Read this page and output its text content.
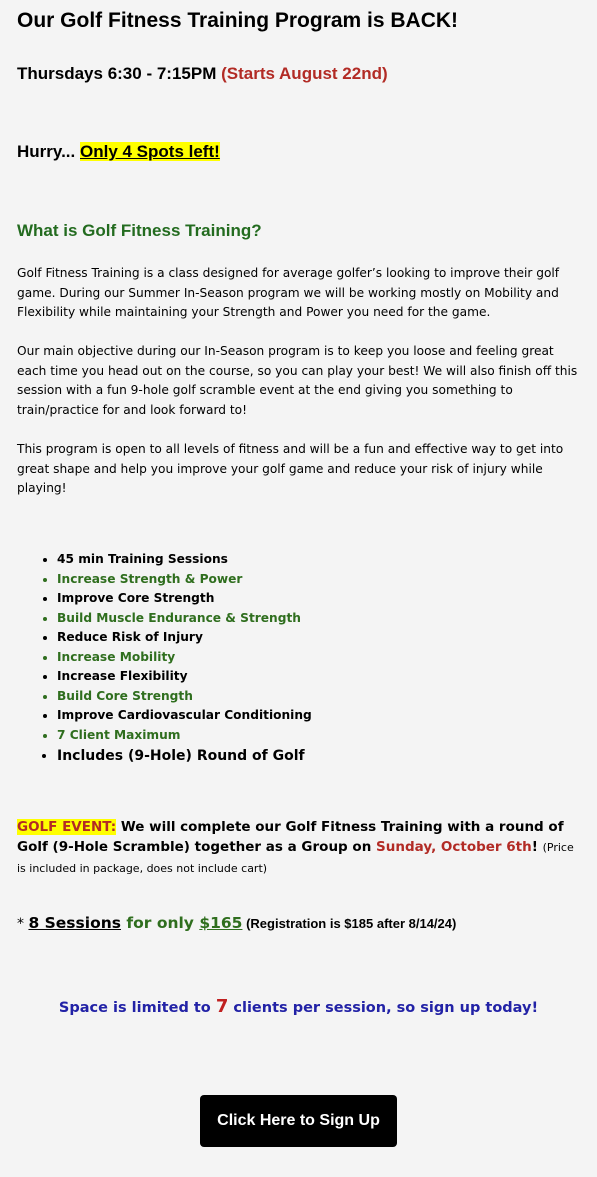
Our Golf Fitness Training Program is BACK!

Thursdays 6:30 - 7:15PM (Starts August 22nd)

Hurry... Only 4 Spots left!

What is Golf Fitness Training?

Golf Fitness Training is a class designed for average golfer’s looking to improve their golf game. During our Summer In-Season program we will be working mostly on Mobility and Flexibility while maintaining your Strength and Power you need for the game.

Our main objective during our In-Season program is to keep you loose and feeling great each time you head out on the course, so you can play your best! We will also finish off this session with a fun 9-hole golf scramble event at the end giving you something to train/practice for and look forward to!

This program is open to all levels of fitness and will be a fun and effective way to get into great shape and help you improve your golf game and reduce your risk of injury while playing!

• 45 min Training Sessions
• Increase Strength & Power
• Improve Core Strength
• Build Muscle Endurance & Strength
• Reduce Risk of Injury
• Increase Mobility
• Increase Flexibility
• Build Core Strength
• Improve Cardiovascular Conditioning
• 7 Client Maximum
• Includes (9-Hole) Round of Golf

GOLF EVENT: We will complete our Golf Fitness Training with a round of Golf (9-Hole Scramble) together as a Group on Sunday, October 6th! (Price is included in package, does not include cart)

* 8 Sessions for only $165 (Registration is $185 after 8/14/24)

Space is limited to 7 clients per session, so sign up today!

Click Here to Sign Up
